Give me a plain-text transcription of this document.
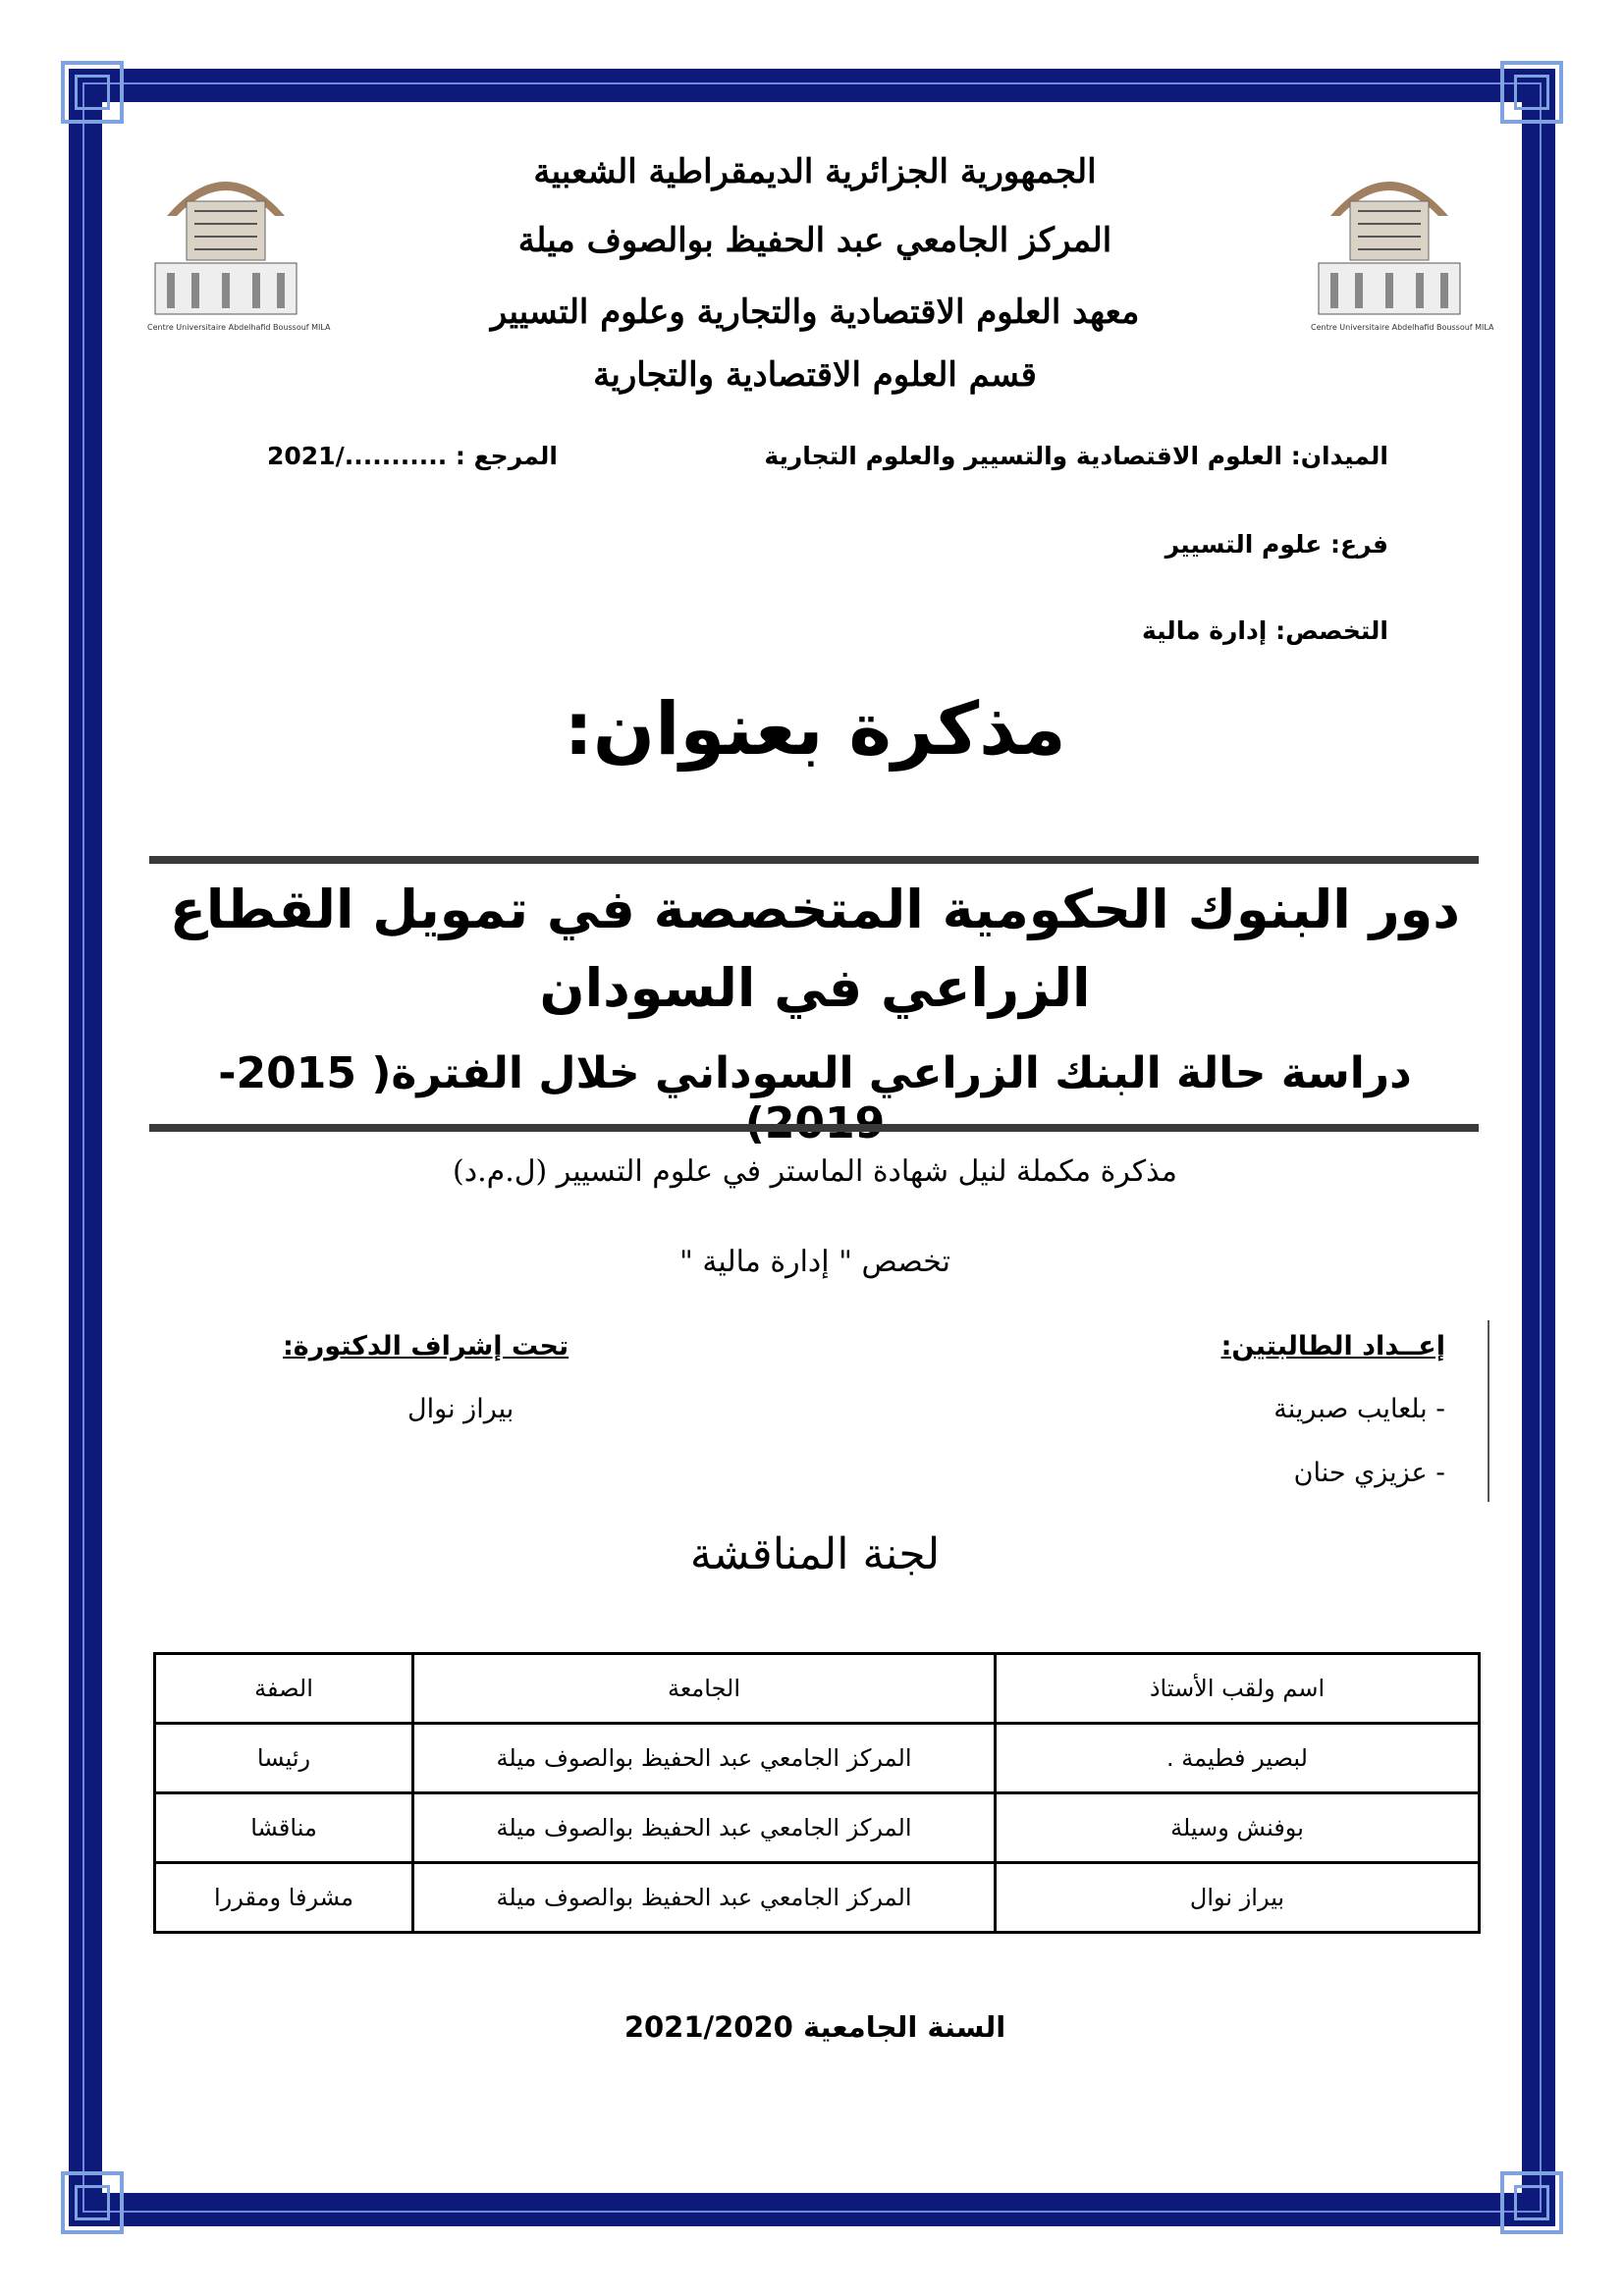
Centre Universitaire Abdelhafid Boussouf MILA	Centre Universitaire Abdelhafid Boussouf MILA
الجمهورية الجزائرية الديمقراطية الشعبية
المركز الجامعي عبد الحفيظ بوالصوف ميلة
معهد العلوم الاقتصادية والتجارية وعلوم التسيير
قسم العلوم الاقتصادية والتجارية
الميدان: العلوم الاقتصادية والتسيير والعلوم التجارية
المرجع : .........../2021
فرع: علوم التسيير
التخصص: إدارة مالية
مذكرة بعنوان:
دور البنوك الحكومية المتخصصة في تمويل القطاع
الزراعي في السودان
دراسة حالة البنك الزراعي السوداني خلال الفترة( 2015-
مذكرة مكملة لنيل شهادة الماستر في علوم التسيير (ل.م.د)
تخصص " إدارة مالية "
إعــداد الطالبتين:
- بلعايب صبرينة
- عزيزي حنان
تحت إشراف الدكتورة:
بيراز نوال
لجنة المناقشة
اسم ولقب الأستاذ	الجامعة	الصفة
لبصير فطيمة .	المركز الجامعي عبد الحفيظ بوالصوف ميلة	رئيسا
بوفنش وسيلة	المركز الجامعي عبد الحفيظ بوالصوف ميلة	مناقشا
بيراز نوال	المركز الجامعي عبد الحفيظ بوالصوف ميلة	مشرفا ومقررا
السنة الجامعية 2021/2020
